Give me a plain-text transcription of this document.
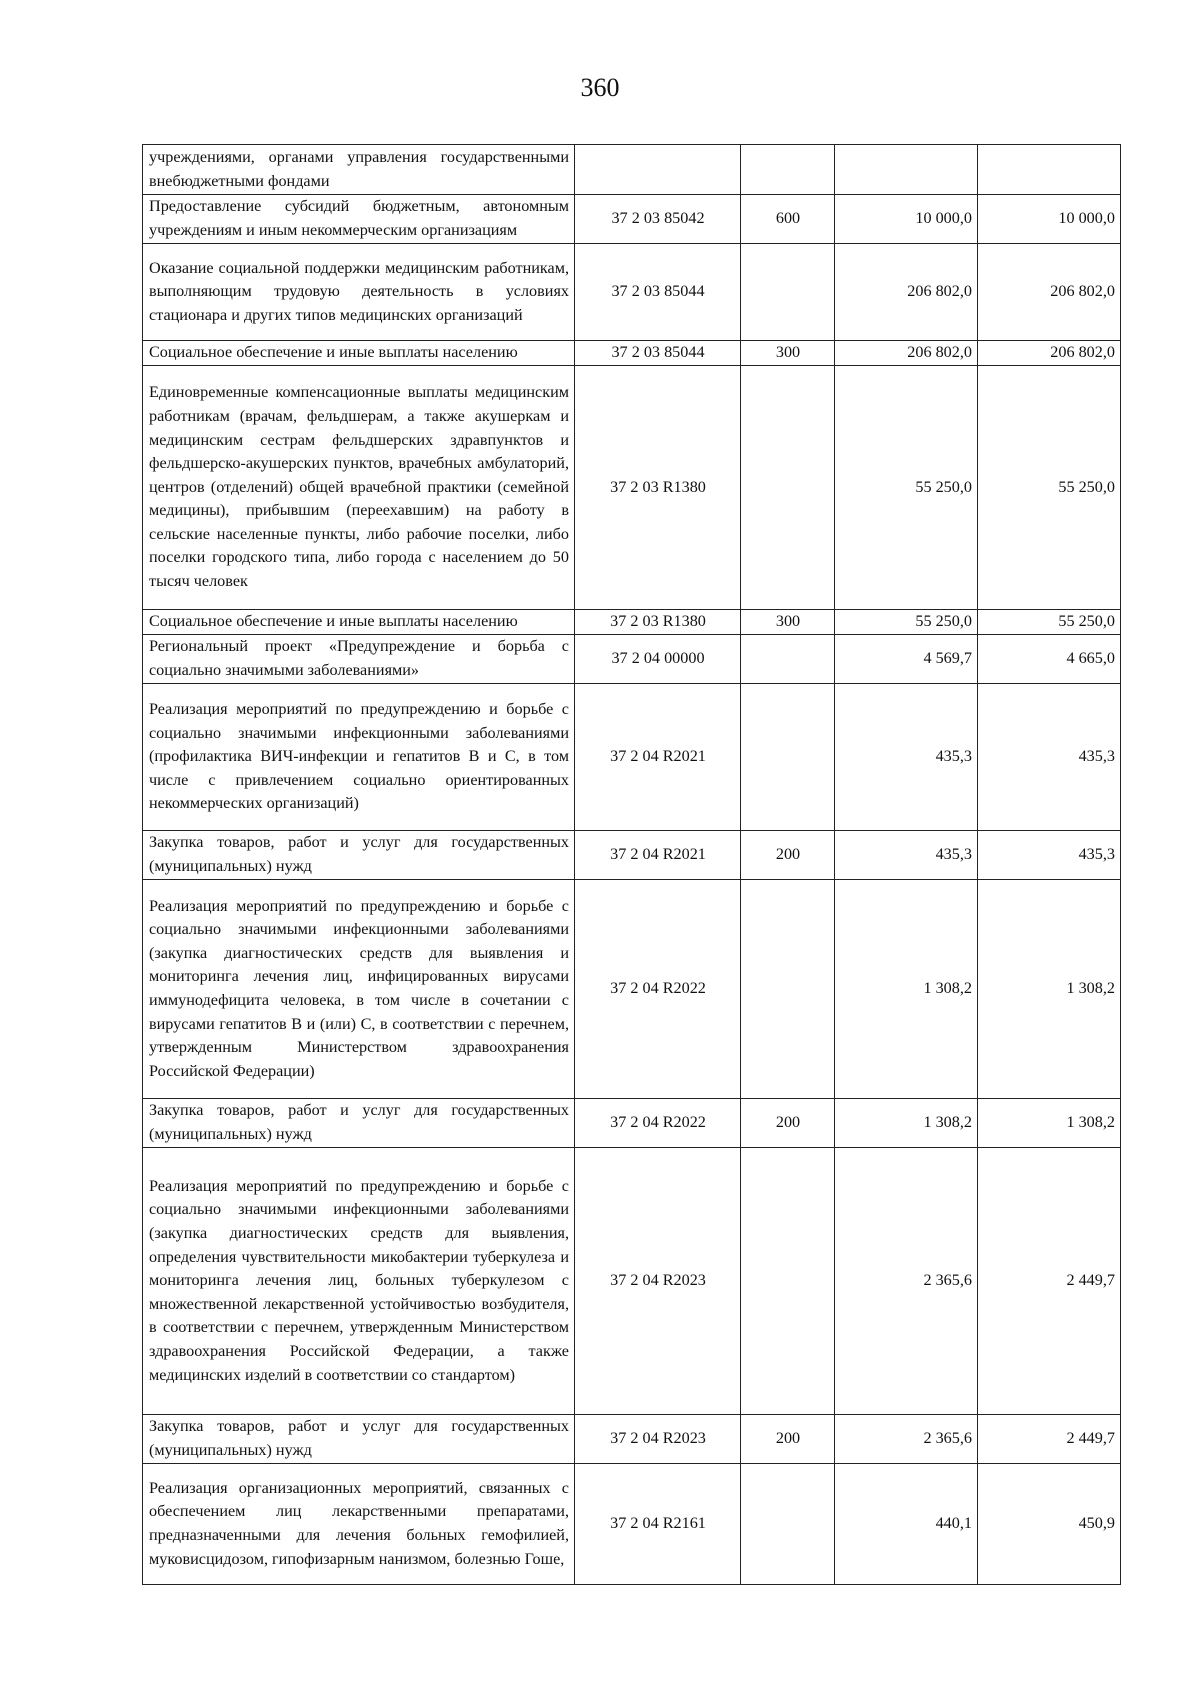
360
учреждениями, органами управления государственными внебюджетными фондами				
Предоставление субсидий бюджетным, автономным учреждениям и иным некоммерческим организациям	37 2 03 85042	600	10 000,0	10 000,0
Оказание социальной поддержки медицинским работникам, выполняющим трудовую деятельность в условиях стационара и других типов медицинских организаций	37 2 03 85044		206 802,0	206 802,0
Социальное обеспечение и иные выплаты населению	37 2 03 85044	300	206 802,0	206 802,0
Единовременные компенсационные выплаты медицинским работникам (врачам, фельдшерам, а также акушеркам и медицинским сестрам фельдшерских здравпунктов и фельдшерско-акушерских пунктов, врачебных амбулаторий, центров (отделений) общей врачебной практики (семейной медицины), прибывшим (переехавшим) на работу в сельские населенные пункты, либо рабочие поселки, либо поселки городского типа, либо города с населением до 50 тысяч человек	37 2 03 R1380		55 250,0	55 250,0
Социальное обеспечение и иные выплаты населению	37 2 03 R1380	300	55 250,0	55 250,0
Региональный проект «Предупреждение и борьба с социально значимыми заболеваниями»	37 2 04 00000		4 569,7	4 665,0
Реализация мероприятий по предупреждению и борьбе с социально значимыми инфекционными заболеваниями (профилактика ВИЧ-инфекции и гепатитов B и C, в том числе с привлечением социально ориентированных некоммерческих организаций)	37 2 04 R2021		435,3	435,3
Закупка товаров, работ и услуг для государственных (муниципальных) нужд	37 2 04 R2021	200	435,3	435,3
Реализация мероприятий по предупреждению и борьбе с социально значимыми инфекционными заболеваниями (закупка диагностических средств для выявления и мониторинга лечения лиц, инфицированных вирусами иммунодефицита человека, в том числе в сочетании с вирусами гепатитов B и (или) C, в соответствии с перечнем, утвержденным Министерством здравоохранения Российской Федерации)	37 2 04 R2022		1 308,2	1 308,2
Закупка товаров, работ и услуг для государственных (муниципальных) нужд	37 2 04 R2022	200	1 308,2	1 308,2
Реализация мероприятий по предупреждению и борьбе с социально значимыми инфекционными заболеваниями (закупка диагностических средств для выявления, определения чувствительности микобактерии туберкулеза и мониторинга лечения лиц, больных туберкулезом с множественной лекарственной устойчивостью возбудителя, в соответствии с перечнем, утвержденным Министерством здравоохранения Российской Федерации, а также медицинских изделий в соответствии со стандартом)	37 2 04 R2023		2 365,6	2 449,7
Закупка товаров, работ и услуг для государственных (муниципальных) нужд	37 2 04 R2023	200	2 365,6	2 449,7
Реализация организационных мероприятий, связанных с обеспечением лиц лекарственными препаратами, предназначенными для лечения больных гемофилией, муковисцидозом, гипофизарным нанизмом, болезнью Гоше,	37 2 04 R2161		440,1	450,9
